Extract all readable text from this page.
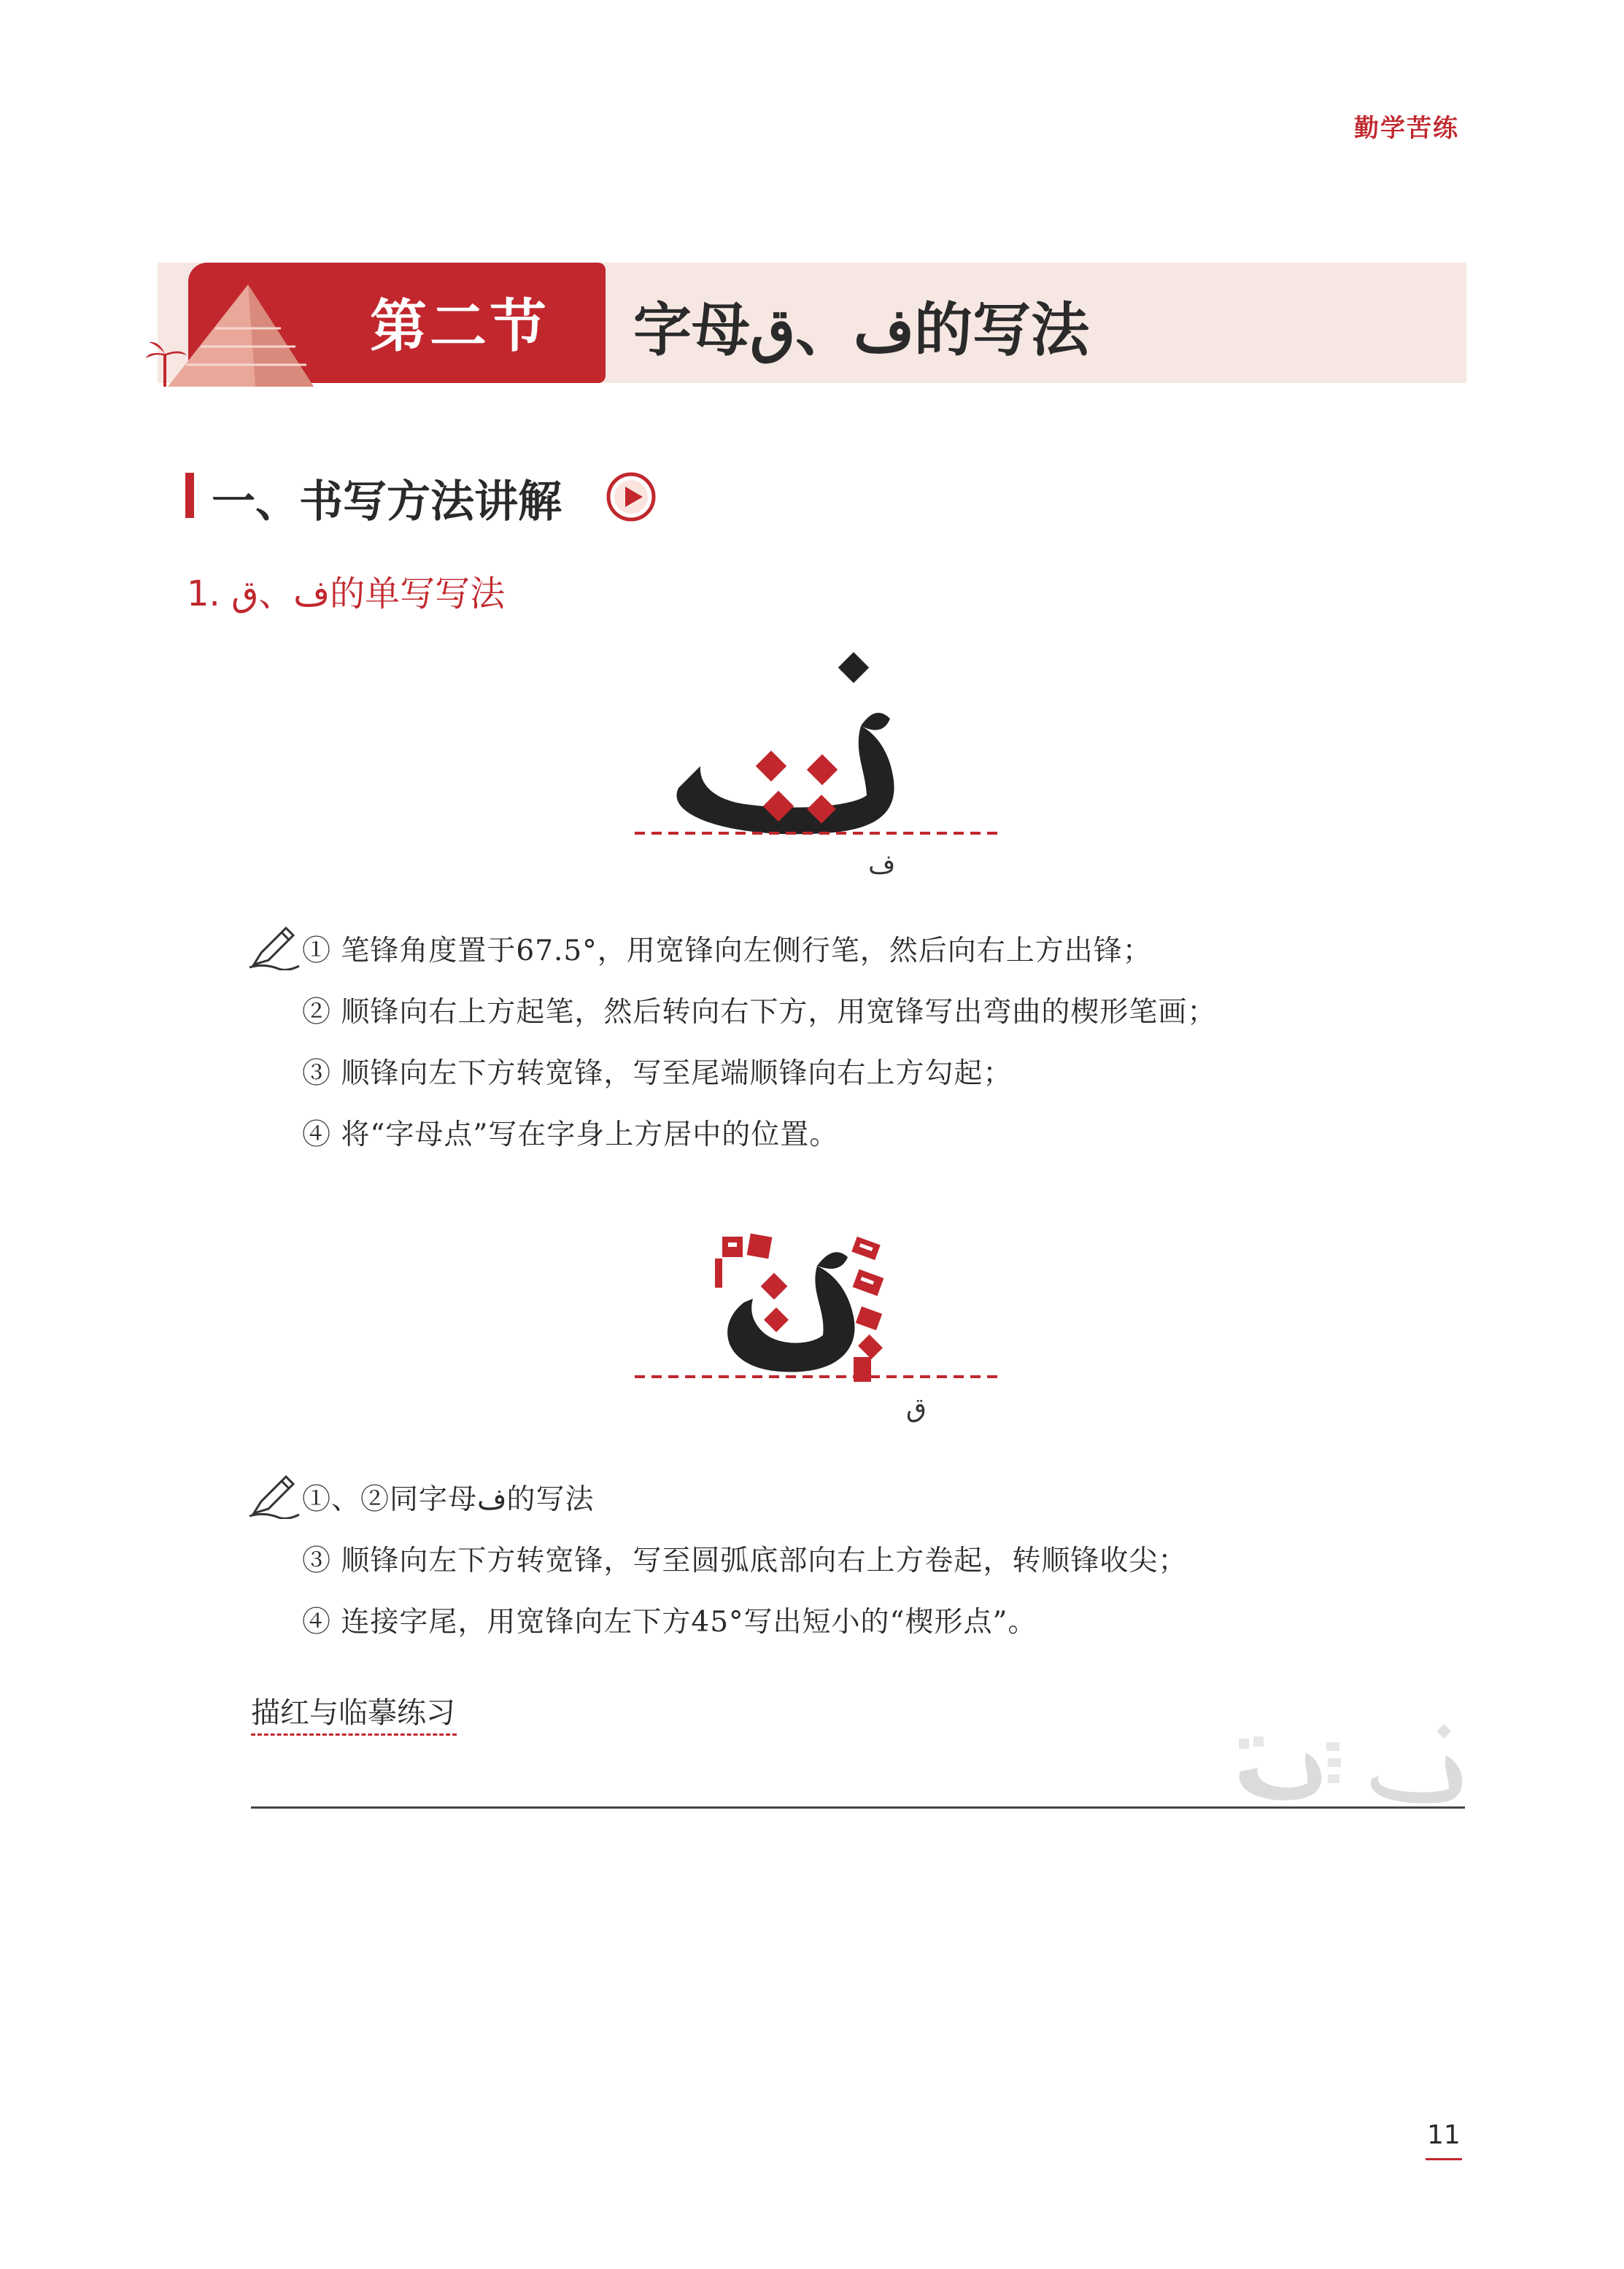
勤学苦练
第二节	字母ف、ق的写法
一、书写方法讲解
1. ف、ق的单写写法
ف
① 笔锋角度置于67.5°，用宽锋向左侧行笔，然后向右上方出锋；
② 顺锋向右上方起笔，然后转向右下方，用宽锋写出弯曲的楔形笔画；
③ 顺锋向左下方转宽锋，写至尾端顺锋向右上方勾起；
④ 将“字母点”写在字身上方居中的位置。
ق
①、②同字母ف的写法
③ 顺锋向左下方转宽锋，写至圆弧底部向右上方卷起，转顺锋收尖；
④ 连接字尾，用宽锋向左下方45°写出短小的“楔形点”。
描红与临摹练习
11
